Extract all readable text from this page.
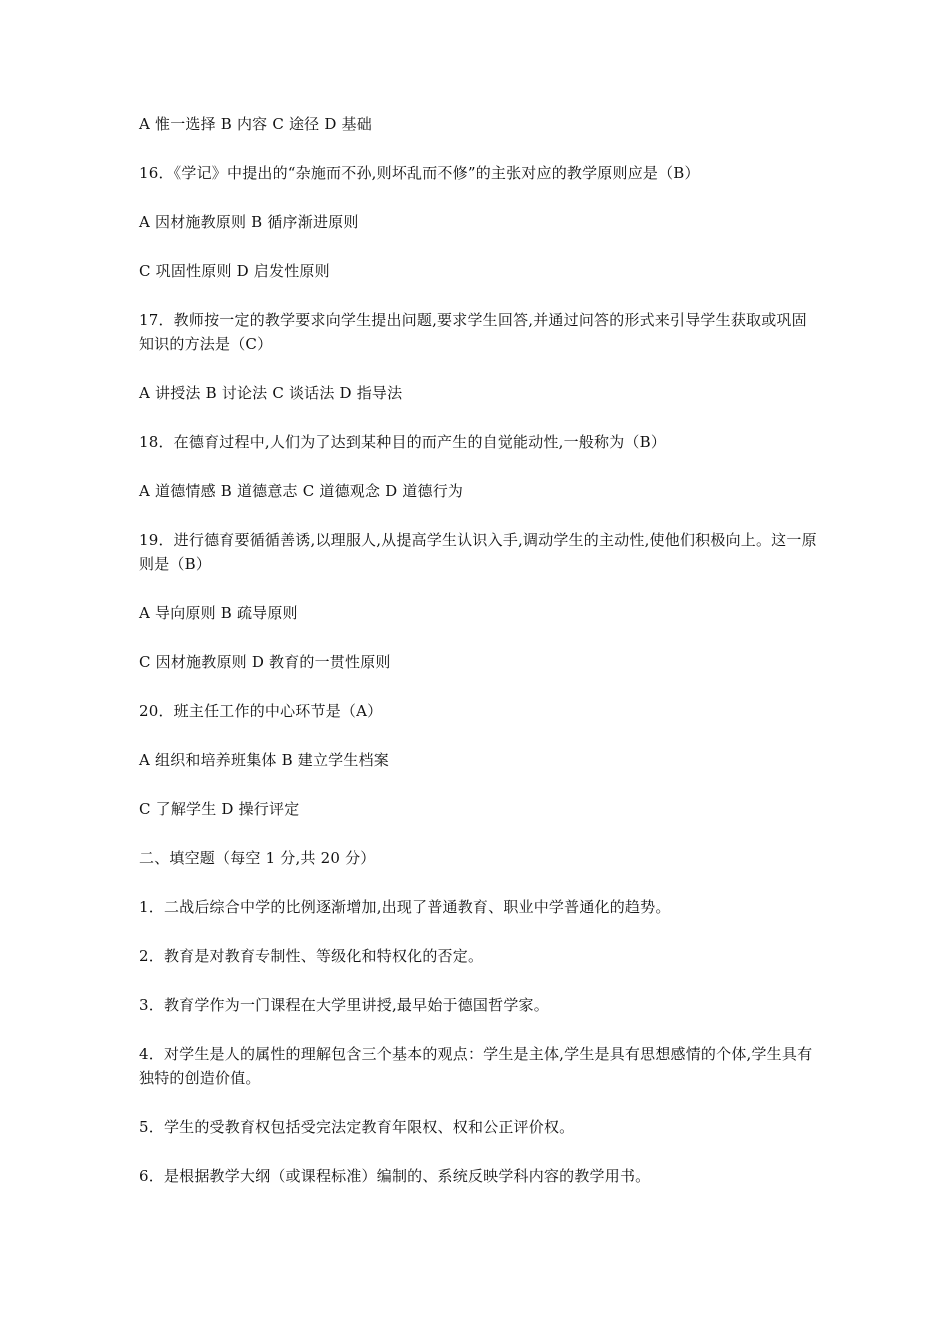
A 惟一选择 B 内容 C 途径 D 基础

16．《学记》中提出的“杂施而不孙,则坏乱而不修”的主张对应的教学原则应是（B）

A 因材施教原则 B 循序渐进原则

C 巩固性原则 D 启发性原则

17．教师按一定的教学要求向学生提出问题,要求学生回答,并通过问答的形式来引导学生获取或巩固知识的方法是（C）

A 讲授法 B 讨论法 C 谈话法 D 指导法

18．在德育过程中,人们为了达到某种目的而产生的自觉能动性,一般称为（B）

A 道德情感 B 道德意志 C 道德观念 D 道德行为

19．进行德育要循循善诱,以理服人,从提高学生认识入手,调动学生的主动性,使他们积极向上。这一原则是（B）

A 导向原则 B 疏导原则

C 因材施教原则 D 教育的一贯性原则

20．班主任工作的中心环节是（A）

A 组织和培养班集体 B 建立学生档案

C 了解学生 D 操行评定

二、填空题（每空 1 分,共 20 分）

1．二战后综合中学的比例逐渐增加,出现了普通教育、职业中学普通化的趋势。

2．教育是对教育专制性、等级化和特权化的否定。

3．教育学作为一门课程在大学里讲授,最早始于德国哲学家。

4．对学生是人的属性的理解包含三个基本的观点：学生是主体,学生是具有思想感情的个体,学生具有独特的创造价值。

5．学生的受教育权包括受完法定教育年限权、权和公正评价权。

6．是根据教学大纲（或课程标准）编制的、系统反映学科内容的教学用书。
